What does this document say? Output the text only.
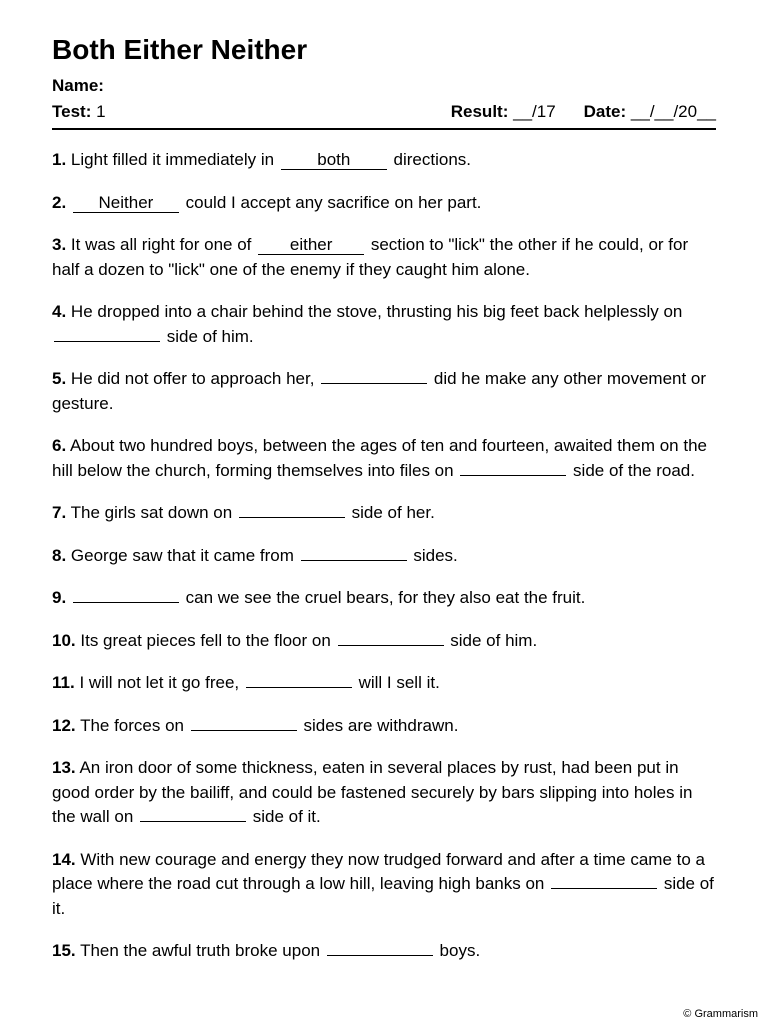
Both Either Neither
Name:
Test: 1	Result: __/17 Date: __/__/20__
1. Light filled it immediately in both directions.
2. Neither could I accept any sacrifice on her part.
3. It was all right for one of either section to "lick" the other if he could, or for half a dozen to "lick" one of the enemy if they caught him alone.
4. He dropped into a chair behind the stove, thrusting his big feet back helplessly on  side of him.
5. He did not offer to approach her,	did he make any other movement or gesture.
6. About two hundred boys, between the ages of ten and fourteen, awaited them on the hill below the church, forming themselves into files on	side of the road.
7. The girls sat down on	side of her.
8. George saw that it came from	sides.
9.	can we see the cruel bears, for they also eat the fruit.
10. Its great pieces fell to the floor on	side of him.
11. I will not let it go free,	will I sell it.
12. The forces on	sides are withdrawn.
13. An iron door of some thickness, eaten in several places by rust, had been put in good order by the bailiff, and could be fastened securely by bars slipping into holes in the wall on	side of it.
14. With new courage and energy they now trudged forward and after a time came to a place where the road cut through a low hill, leaving high banks on	side of it.
15. Then the awful truth broke upon	boys.
© Grammarism
